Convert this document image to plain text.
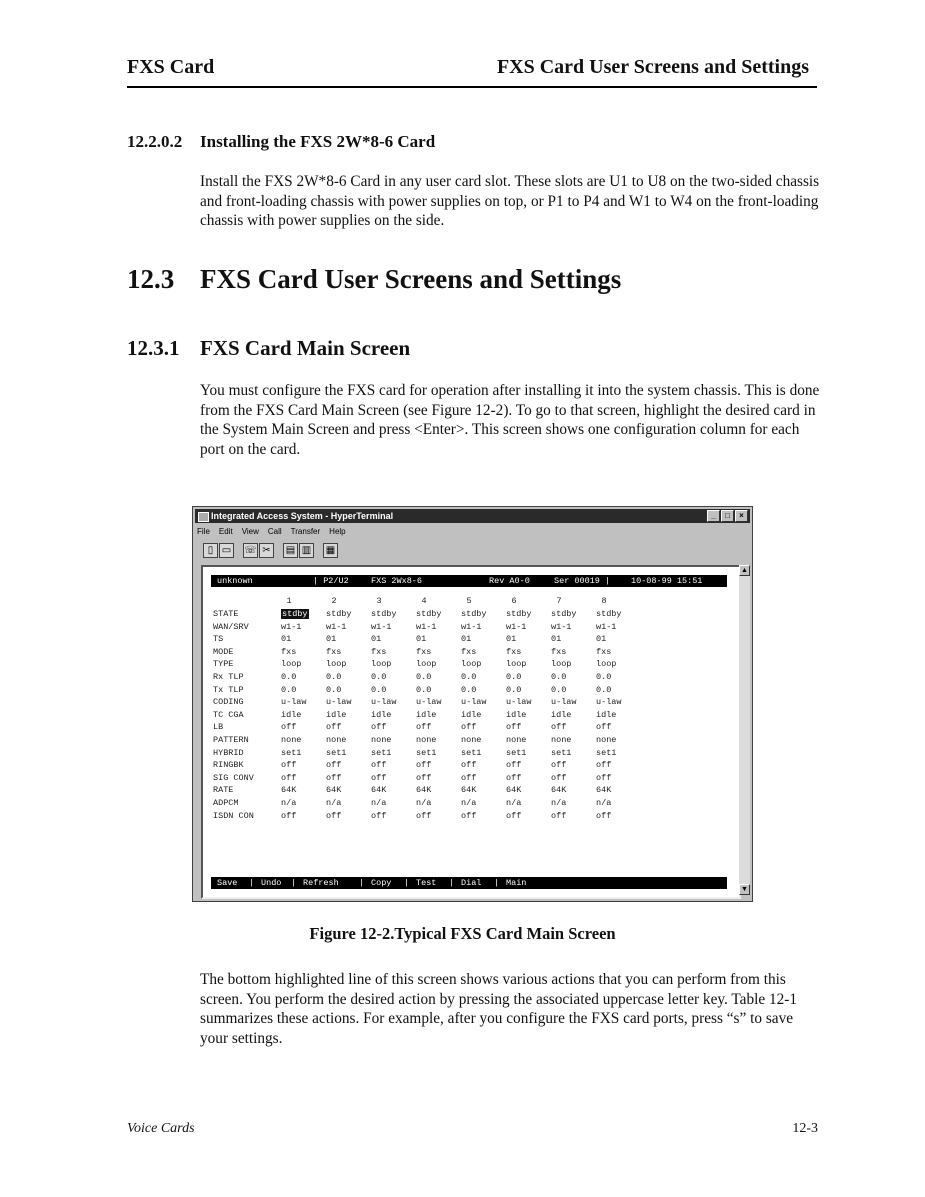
FXS Card	FXS Card User Screens and Settings
12.2.0.2 Installing the FXS 2W*8-6 Card
Install the FXS 2W*8-6 Card in any user card slot. These slots are U1 to U8 on the two-sided chassis and front-loading chassis with power supplies on top, or P1 to P4 and W1 to W4 on the front-loading chassis with power supplies on the side.
12.3 FXS Card User Screens and Settings
12.3.1 FXS Card Main Screen
You must configure the FXS card for operation after installing it into the system chassis. This is done from the FXS Card Main Screen (see Figure 12-2). To go to that screen, highlight the desired card in the System Main Screen and press <Enter>. This screen shows one configuration column for each port on the card.
Integrated Access System - HyperTerminal	_ □ ×
File Edit View Call Transfer Help
▯ ▭ ☏ ✂	▤ ▥ ▦

unknown

	| P2/U2

	FXS 2Wx8-6

	Rev A0-0

	Ser 00019 |

10-08-99 15:51

1	2	3	4	5	6	7	8
STATE	stdby stdby stdby stdby stdby stdby stdby stdby
WAN/SRV	w1-1	w1-1	w1-1	w1-1	w1-1	w1-1	w1-1	w1-1
TS	01	01	01	01	01	01	01	01
MODE	fxs	fxs	fxs	fxs	fxs	fxs	fxs	fxs
TYPE	loop	loop	loop	loop	loop	loop	loop	loop
Rx TLP	0.0	0.0	0.0	0.0	0.0	0.0	0.0	0.0
Tx TLP	0.0	0.0	0.0	0.0	0.0	0.0	0.0	0.0
CODING	u-law u-law u-law u-law u-law u-law u-law u-law
TC CGA	idle	idle	idle	idle	idle	idle	idle	idle
LB	off	off	off	off	off	off	off	off
PATTERN	none	none	none	none	none	none	none	none
HYBRID	set1	set1	set1	set1	set1	set1	set1	set1
RINGBK	off	off	off	off	off	off	off	off
SIG CONV	off	off	off	off	off	off	off	off
RATE	64K	64K	64K	64K	64K	64K	64K	64K
ADPCM	n/a	n/a	n/a	n/a	n/a	n/a	n/a	n/a
ISDN CON	off	off	off	off	off	off	off	off
Save | Undo | Refresh | Copy | Test | Dial | Main
▲
▼
Figure 12-2.Typical FXS Card Main Screen
The bottom highlighted line of this screen shows various actions that you can perform from this screen. You perform the desired action by pressing the associated uppercase letter key. Table 12-1 summarizes these actions. For example, after you configure the FXS card ports, press “s” to save your settings.
Voice Cards	12-3
